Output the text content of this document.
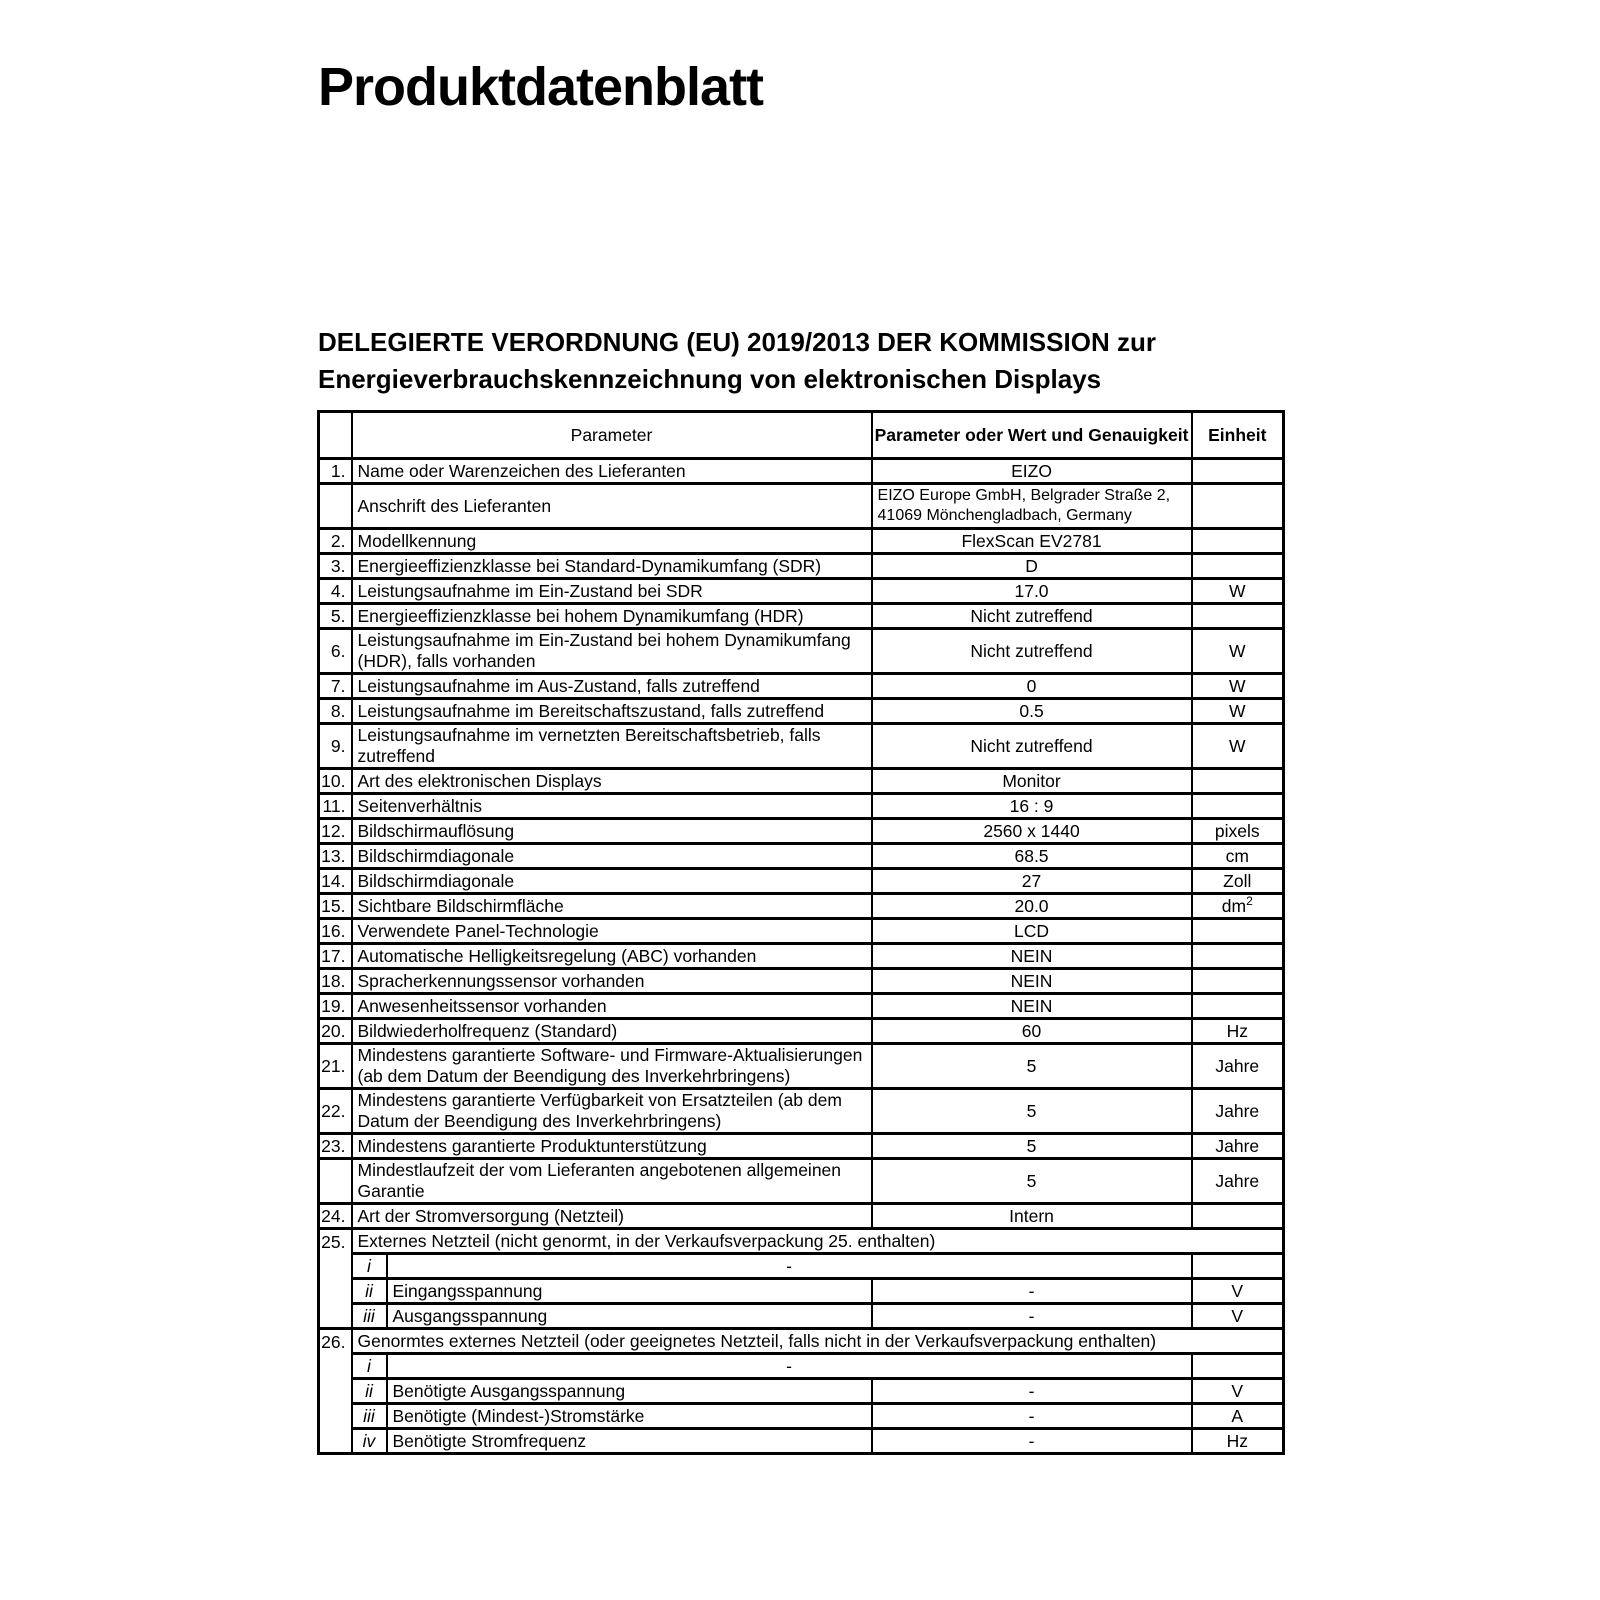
Produktdatenblatt
DELEGIERTE VERORDNUNG (EU) 2019/2013 DER KOMMISSION zur
Energieverbrauchskennzeichnung von elektronischen Displays
	Parameter		Parameter oder Wert und Genauigkeit	Einheit
1.	Name oder Warenzeichen des Lieferanten		EIZO	
	Anschrift des Lieferanten		EIZO Europe GmbH, Belgrader Straße 2, 41069 Mönchengladbach, Germany	
2.	Modellkennung		FlexScan EV2781	
3.	Energieeffizienzklasse bei Standard-Dynamikumfang (SDR)		D	
4.	Leistungsaufnahme im Ein-Zustand bei SDR		17.0	W
5.	Energieeffizienzklasse bei hohem Dynamikumfang (HDR)		Nicht zutreffend	
6.	Leistungsaufnahme im Ein-Zustand bei hohem Dynamikumfang (HDR), falls vorhanden		Nicht zutreffend	W
7.	Leistungsaufnahme im Aus-Zustand, falls zutreffend		0	W
8.	Leistungsaufnahme im Bereitschaftszustand, falls zutreffend		0.5	W
9.	Leistungsaufnahme im vernetzten Bereitschaftsbetrieb, falls zutreffend		Nicht zutreffend	W
10.	Art des elektronischen Displays		Monitor	
11.	Seitenverhältnis		16 : 9	
12.	Bildschirmauflösung		2560 x 1440	pixels
13.	Bildschirmdiagonale		68.5	cm
14.	Bildschirmdiagonale		27	Zoll
15.	Sichtbare Bildschirmfläche		20.0	$dm^2$
16.	Verwendete Panel-Technologie		LCD	
17.	Automatische Helligkeitsregelung (ABC) vorhanden		NEIN	
18.	Spracherkennungssensor vorhanden		NEIN	
19.	Anwesenheitssensor vorhanden		NEIN	
20.	Bildwiederholfrequenz (Standard)		60	Hz
21.	Mindestens garantierte Software- und Firmware-Aktualisierungen (ab dem Datum der Beendigung des Inverkehrbringens)		5	Jahre
22.	Mindestens garantierte Verfügbarkeit von Ersatzteilen (ab dem Datum der Beendigung des Inverkehrbringens)		5	Jahre
23.	Mindestens garantierte Produktunterstützung		5	Jahre
	Mindestlaufzeit der vom Lieferanten angebotenen allgemeinen Garantie		5	Jahre
24.	Art der Stromversorgung (Netzteil)		Intern	
25.	Externes Netzteil (nicht genormt, in der Verkaufsverpackung 25. enthalten)			
	i	-		
	ii	Eingangsspannung	-	V
	iii	Ausgangsspannung	-	V
26.	Genormtes externes Netzteil (oder geeignetes Netzteil, falls nicht in der Verkaufsverpackung enthalten)			
	i	-		
	ii	Benötigte Ausgangsspannung	-	V
	iii	Benötigte (Mindest-)Stromstärke	-	A
	iv	Benötigte Stromfrequenz	-	Hz
